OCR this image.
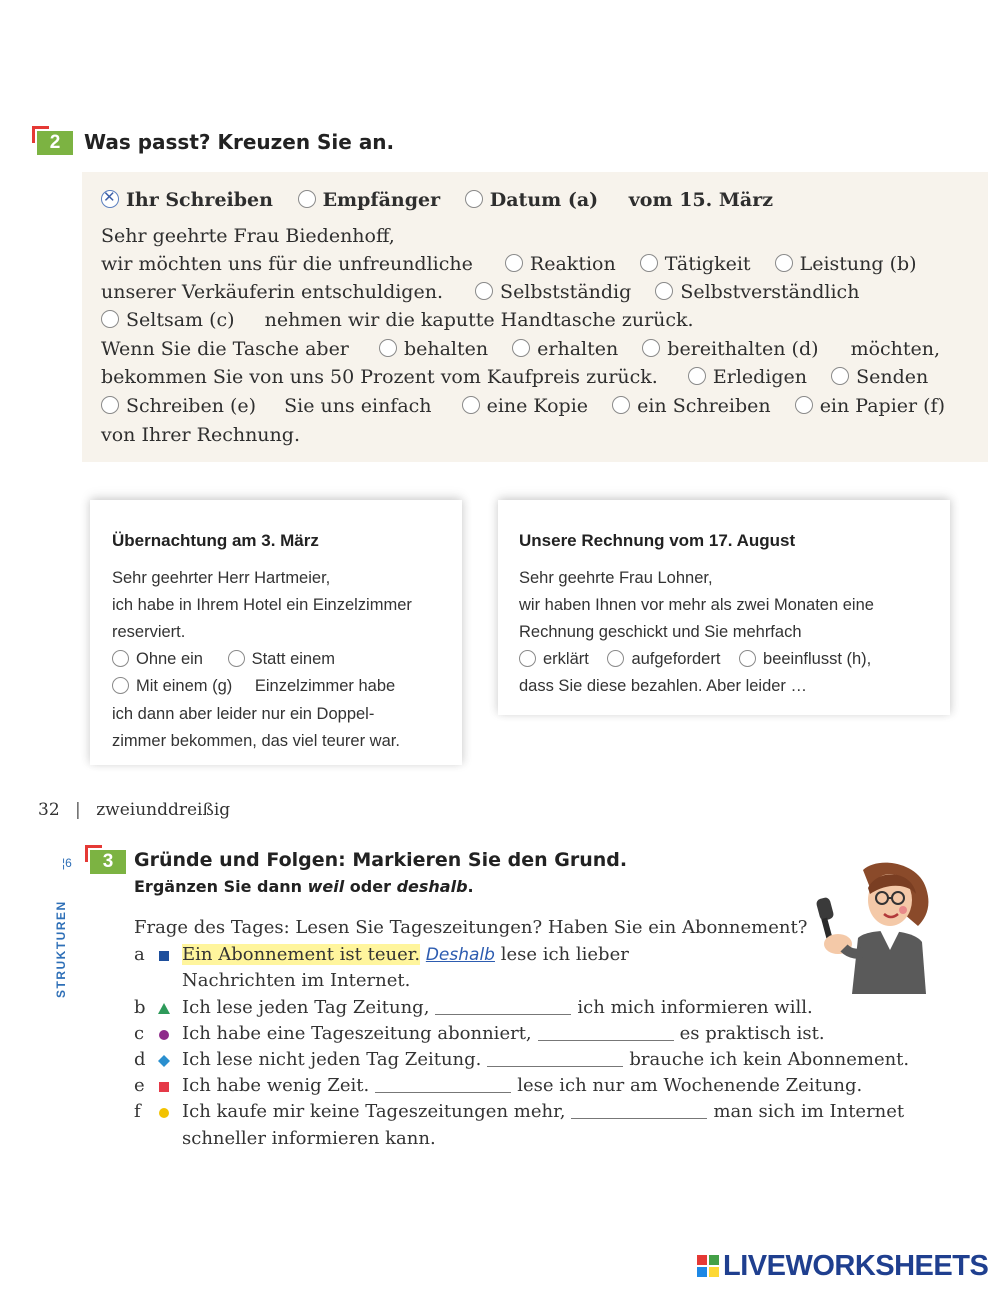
2	Was passt? Kreuzen Sie an.
✕Ihr Schreiben	Empfänger	Datum (a) vom 15. März
Sehr geehrte Frau Biedenhoff,
wir möchten uns für die unfreundliche	Reaktion	Tätigkeit	Leistung (b)
unserer Verkäuferin entschuldigen.	Selbstständig	Selbstverständlich
Seltsam (c) nehmen wir die kaputte Handtasche zurück.
Wenn Sie die Tasche aber	behalten	erhalten	bereithalten (d) möchten,
bekommen Sie von uns 50 Prozent vom Kaufpreis zurück.	Erledigen	Senden
Schreiben (e) Sie uns einfach	eine Kopie	ein Schreiben	ein Papier (f)
von Ihrer Rechnung.
Übernachtung am 3. März
Sehr geehrter Herr Hartmeier,
ich habe in Ihrem Hotel ein Einzelzimmer
reserviert.
Ohne ein	Statt einem
Mit einem (g) Einzelzimmer habe
ich dann aber leider nur ein Doppel-
zimmer bekommen, das viel teurer war.
Unsere Rechnung vom 17. August
Sehr geehrte Frau Lohner,
wir haben Ihnen vor mehr als zwei Monaten eine
Rechnung geschickt und Sie mehrfach
erklärt	aufgefordert	beeinflusst (h),
dass Sie diese bezahlen. Aber leider …
32 | zweiunddreißig
¦6	3	Gründe und Folgen: Markieren Sie den Grund.
Ergänzen Sie dann weil oder deshalb.
STRUKTUREN	Frage des Tages: Lesen Sie Tageszeitungen? Haben Sie ein Abonnement?
a Ein Abonnement ist teuer. Deshalb lese ich lieber
Nachrichten im Internet.
b Ich lese jeden Tag Zeitung,	ich mich informieren will.
c Ich habe eine Tageszeitung abonniert,	es praktisch ist.
d Ich lese nicht jeden Tag Zeitung.	brauche ich kein Abonnement.
e Ich habe wenig Zeit.	lese ich nur am Wochenende Zeitung.
f Ich kaufe mir keine Tageszeitungen mehr,	man sich im Internet
schneller informieren kann.
LIVEWORKSHEETS
